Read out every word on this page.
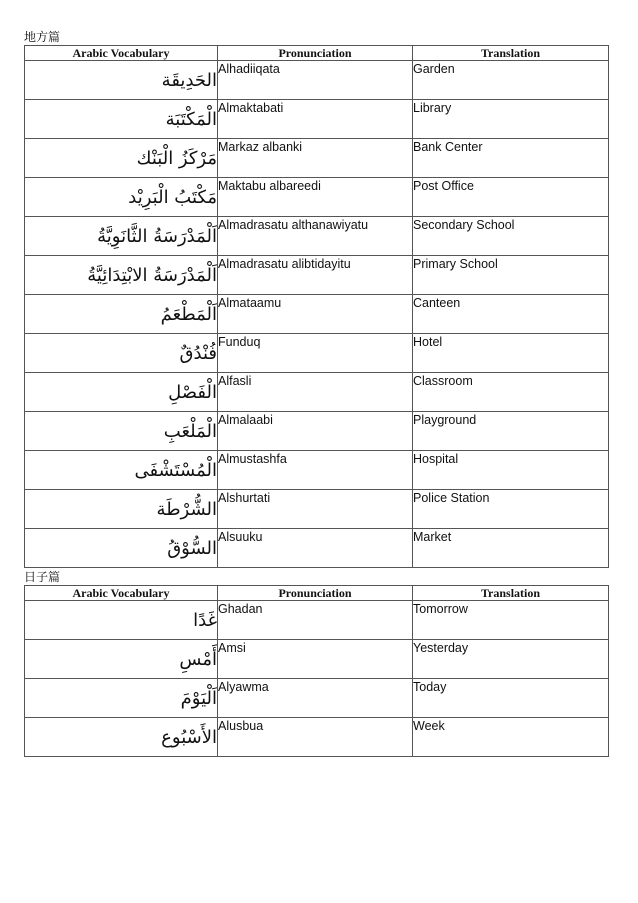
地方篇
Arabic Vocabulary	Pronunciation	Translation
الحَدِيقَة	Alhadiiqata	Garden
الْمَكْتَبَة	Almaktabati	Library
مَرْكَزُ الْبَنْك	Markaz albanki	Bank Center
مَكْتَبُ الْبَرِيْد	Maktabu albareedi	Post Office
اَلْمَدْرَسَةُ الثَّانَوِيَّةُ	Almadrasatu althanawiyatu	Secondary School
اَلْمَدْرَسَةُ الابْتِدَائِيَّةُ	Almadrasatu alibtidayitu	Primary School
اَلْمَطْعَمُ	Almataamu	Canteen
فُنْدُقٌ	Funduq	Hotel
الْفَصْلِ	Alfasli	Classroom
الْمَلْعَبِ	Almalaabi	Playground
الْمُسْتَشْفَى	Almustashfa	Hospital
الشُّرْطَة	Alshurtati	Police Station
السُّوْقُ	Alsuuku	Market
日子篇
Arabic Vocabulary	Pronunciation	Translation
غَدًا	Ghadan	Tomorrow
أَمْسِ	Amsi	Yesterday
اَلْيَوْمَ	Alyawma	Today
الأَسْبُوع	Alusbua	Week
